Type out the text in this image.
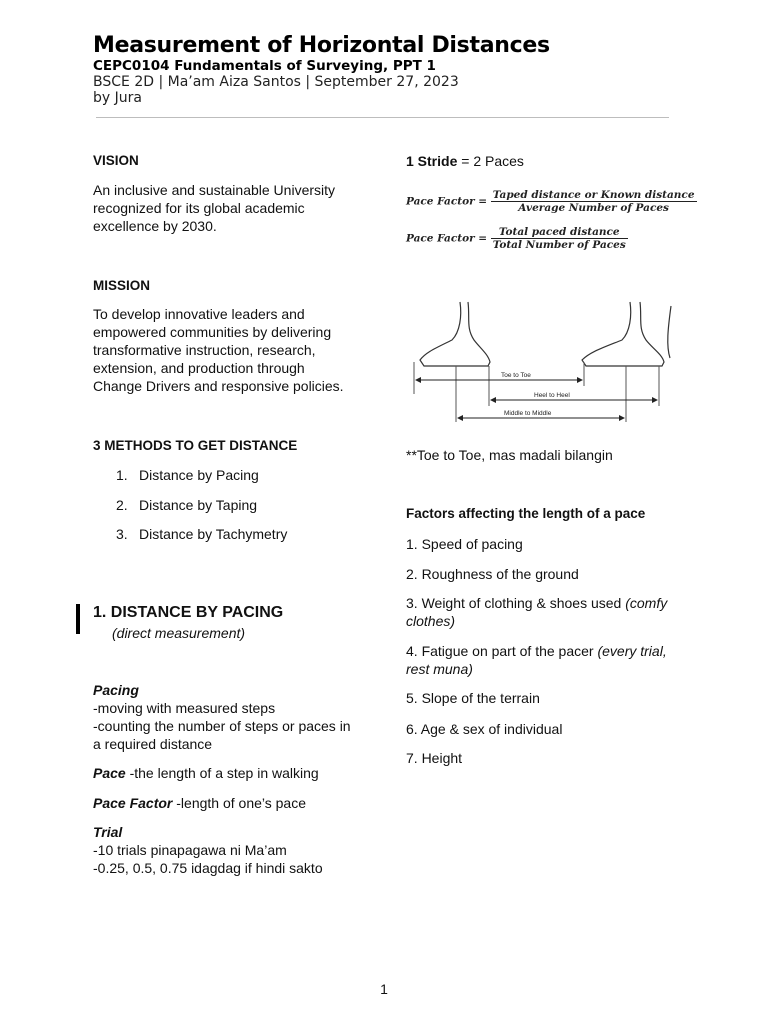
Measurement of Horizontal Distances
CEPC0104 Fundamentals of Surveying, PPT 1
BSCE 2D | Ma’am Aiza Santos | September 27, 2023
by Jura
VISION
An inclusive and sustainable University
recognized for its global academic
excellence by 2030.
MISSION
To develop innovative leaders and
empowered communities by delivering
transformative instruction, research,
extension, and production through
Change Drivers and responsive policies.
3 METHODS TO GET DISTANCE
1. Distance by Pacing
2. Distance by Taping
3. Distance by Tachymetry
1. DISTANCE BY PACING
(direct measurement)
Pacing
-moving with measured steps
-counting the number of steps or paces in
a required distance
Pace -the length of a step in walking
Pace Factor -length of one’s pace
Trial
-10 trials pinapagawa ni Ma’am
-0.25, 0.5, 0.75 idagdag if hindi sakto
1 Stride = 2 Paces
Pace Factor = $\frac{\text{Taped distance or Known distance}}{\text{Average Number of Paces}}$
Pace Factor = $\frac{\text{Total paced distance}}{\text{Total Number of Paces}}$
Toe to Toe
Heel to Heel
Middle to Middle
**Toe to Toe, mas madali bilangin
Factors affecting the length of a pace
1. Speed of pacing
2. Roughness of the ground
3. Weight of clothing & shoes used (comfy clothes)
4. Fatigue on part of the pacer (every trial, rest muna)
5. Slope of the terrain
6. Age & sex of individual
7. Height
1
